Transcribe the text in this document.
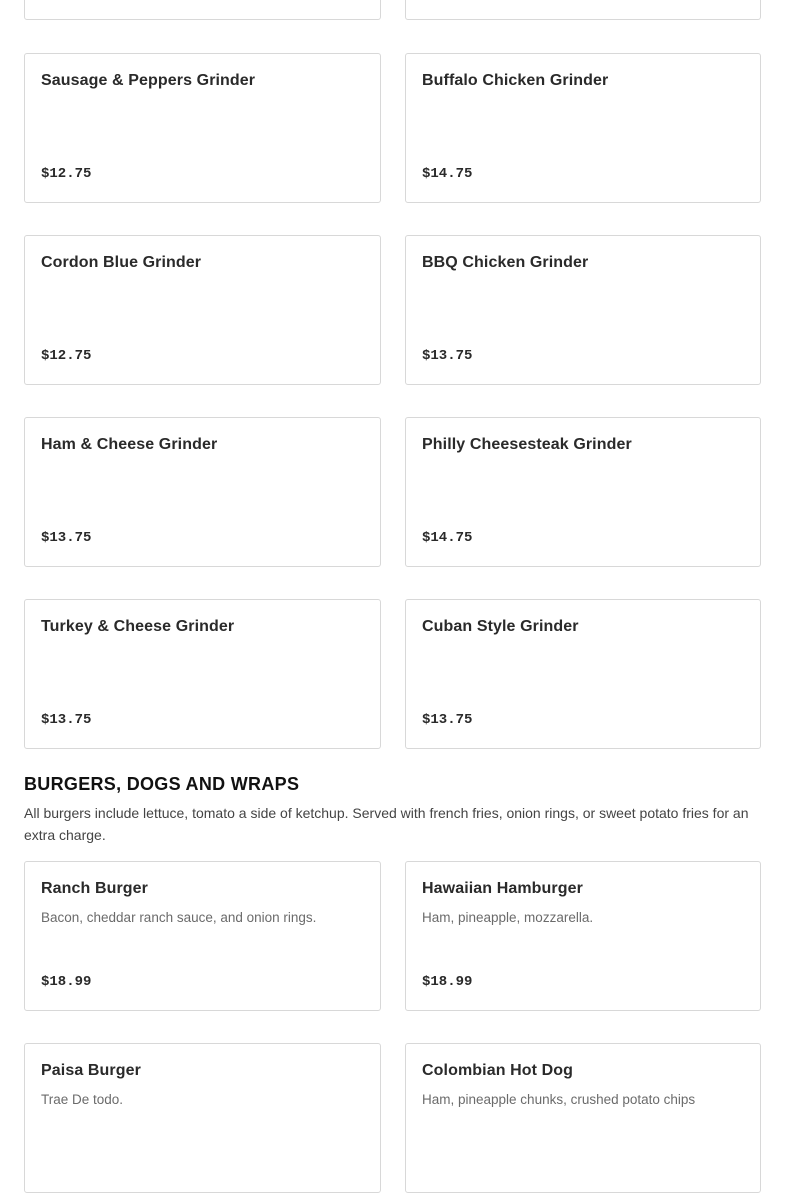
Sausage & Peppers Grinder
$12.75
Buffalo Chicken Grinder
$14.75
Cordon Blue Grinder
$12.75
BBQ Chicken Grinder
$13.75
Ham & Cheese Grinder
$13.75
Philly Cheesesteak Grinder
$14.75
Turkey & Cheese Grinder
$13.75
Cuban Style Grinder
$13.75
BURGERS, DOGS AND WRAPS

All burgers include lettuce, tomato a side of ketchup. Served with french fries, onion rings, or sweet potato fries for an extra charge.

Ranch Burger
Bacon, cheddar ranch sauce, and onion rings.
$18.99
Hawaiian Hamburger
Ham, pineapple, mozzarella.
$18.99
Paisa Burger
Trae De todo.
Colombian Hot Dog
Ham, pineapple chunks, crushed potato chips
